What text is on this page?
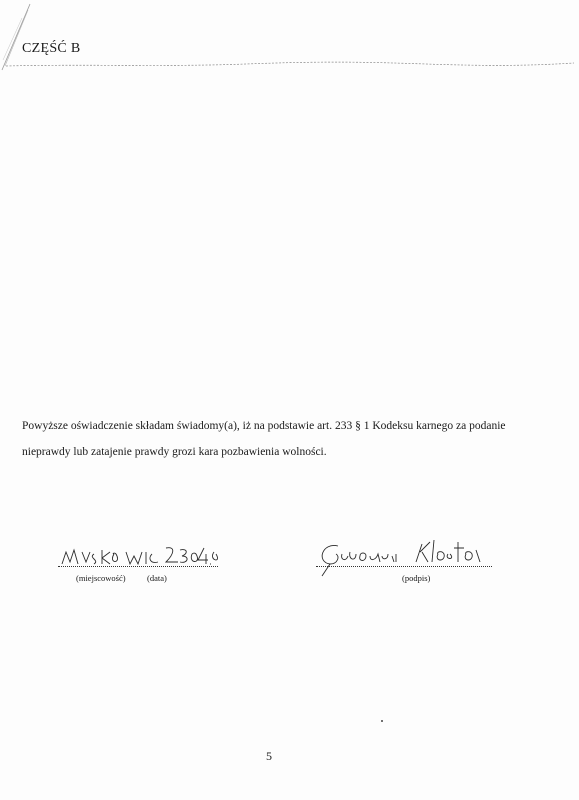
CZĘŚĆ B
Powyższe oświadczenie składam świadomy(a), iż na podstawie art. 233 § 1 Kodeksu karnego za podanie
nieprawdy lub zatajenie prawdy grozi kara pozbawienia wolności.
(miejscowość)	(data)	(podpis)

5
